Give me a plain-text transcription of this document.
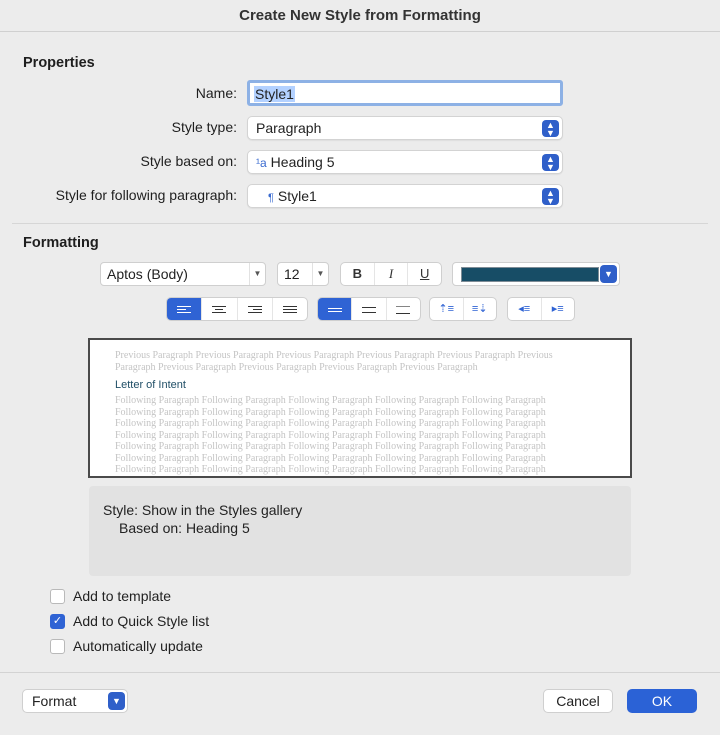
Create New Style from Formatting
Properties
Name:	Style1
Style type:	Paragraph	▲
▼
Style based on:	¹a Heading 5	▲
▼
Style for following paragraph:	¶ Style1	▲
▼
Formatting
Aptos (Body)	▼	12	▼	B	I	U	▼
⇡≡	≡⇣	◂≡	▸≡
Previous Paragraph Previous Paragraph Previous Paragraph Previous Paragraph Previous Paragraph Previous Paragraph Previous Paragraph Previous Paragraph Previous Paragraph Previous Paragraph
Letter of Intent
Following Paragraph Following Paragraph Following Paragraph Following Paragraph Following Paragraph Following Paragraph Following Paragraph Following Paragraph Following Paragraph Following Paragraph Following Paragraph Following Paragraph Following Paragraph Following Paragraph Following Paragraph Following Paragraph Following Paragraph Following Paragraph Following Paragraph Following Paragraph Following Paragraph Following Paragraph Following Paragraph Following Paragraph Following Paragraph Following Paragraph Following Paragraph Following Paragraph Following Paragraph Following Paragraph Following Paragraph Following Paragraph Following Paragraph Following Paragraph Following Paragraph
Style: Show in the Styles gallery
Based on: Heading 5
Add to template
✓ Add to Quick Style list
Automatically update
Format	▼	Cancel	OK
